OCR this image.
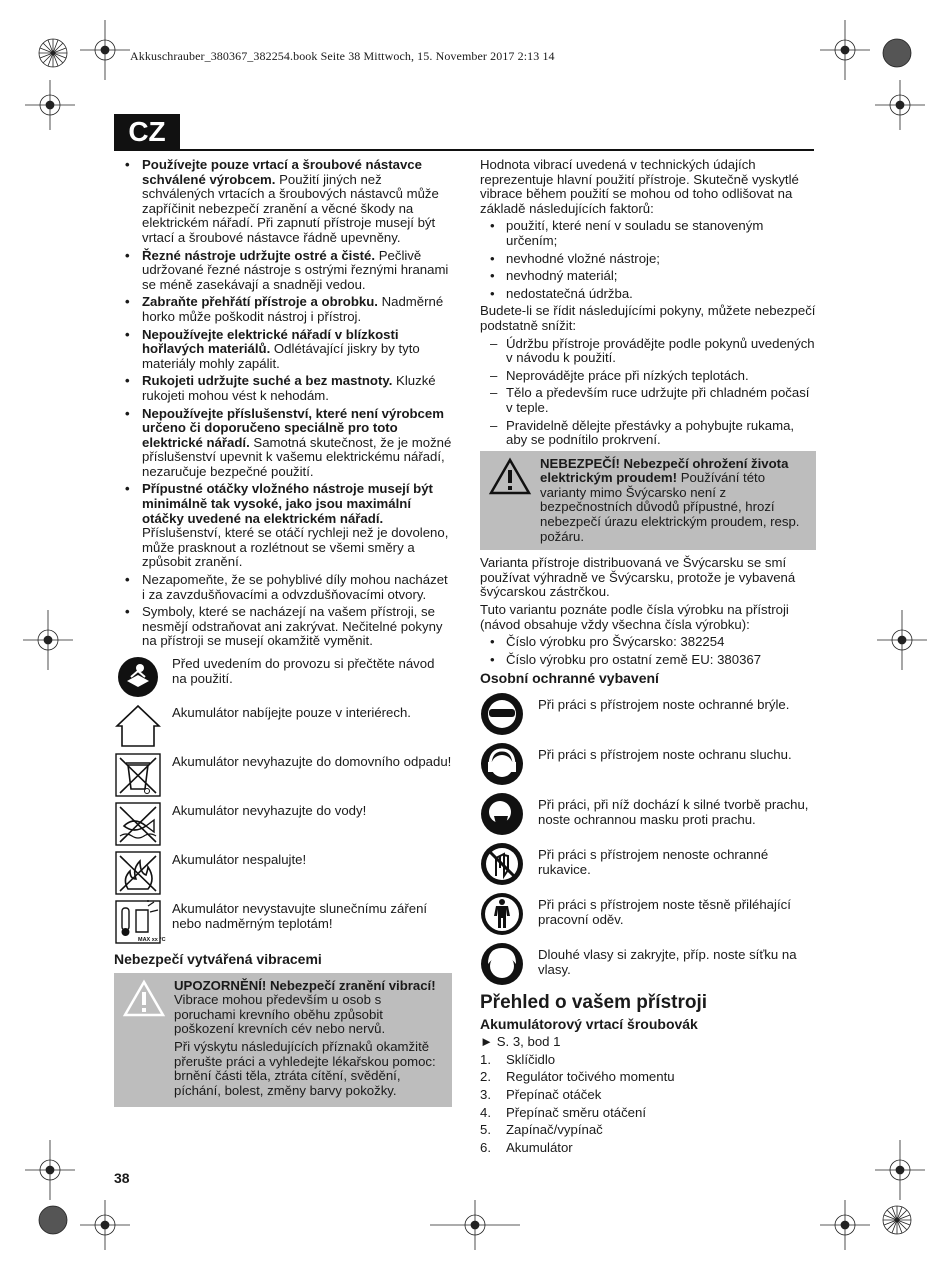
Akkuschrauber_380367_382254.book Seite 38 Mittwoch, 15. November 2017 2:13 14
CZ
• Používejte pouze vrtací a šroubové nástavce schválené výrobcem. Použití jiných než schválených vrtacích a šroubových nástavců může zapříčinit nebezpečí zranění a věcné škody na elektrickém nářadí. Při zapnutí přístroje musejí být vrtací a šroubové nástavce řádně upevněny.
• Řezné nástroje udržujte ostré a čisté. Pečlivě udržované řezné nástroje s ostrými řeznými hranami se méně zasekávají a snadněji vedou.
• Zabraňte přehřátí přístroje a obrobku. Nadměrné horko může poškodit nástroj i přístroj.
• Nepoužívejte elektrické nářadí v blízkosti hořlavých materiálů. Odlétávající jiskry by tyto materiály mohly zapálit.
• Rukojeti udržujte suché a bez mastnoty. Kluzké rukojeti mohou vést k nehodám.
• Nepoužívejte příslušenství, které není výrobcem určeno či doporučeno speciálně pro toto elektrické nářadí. Samotná skutečnost, že je možné příslušenství upevnit k vašemu elektrickému nářadí, nezaručuje bezpečné použití.
• Přípustné otáčky vložného nástroje musejí být minimálně tak vysoké, jako jsou maximální otáčky uvedené na elektrickém nářadí. Příslušenství, které se otáčí rychleji než je dovoleno, může prasknout a rozlétnout se všemi směry a způsobit zranění.
• Nezapomeňte, že se pohyblivé díly mohou nacházet i za zavzdušňovacími a odvzdušňovacími otvory.
• Symboly, které se nacházejí na vašem přístroji, se nesmějí odstraňovat ani zakrývat. Nečitelné pokyny na přístroji se musejí okamžitě vyměnit.
Před uvedením do provozu si přečtěte návod na použití.
Akumulátor nabíjejte pouze v interiérech.
Akumulátor nevyhazujte do domovního odpadu!
Akumulátor nevyhazujte do vody!
Akumulátor nespalujte!
MAX xx °C
Akumulátor nevystavujte slunečnímu záření nebo nadměrným teplotám!
Nebezpečí vytvářená vibracemi

UPOZORNĚNÍ! Nebezpečí zranění vibrací! Vibrace mohou především u osob s poruchami krevního oběhu způsobit poškození krevních cév nebo nervů.

Při výskytu následujících příznaků okamžitě přerušte práci a vyhledejte lékařskou pomoc: brnění části těla, ztráta cítění, svědění, píchání, bolest, změny barvy pokožky.

Hodnota vibrací uvedená v technických údajích reprezentuje hlavní použití přístroje. Skutečně vyskytlé vibrace během použití se mohou od toho odlišovat na základě následujících faktorů:

• použití, které není v souladu se stanoveným určením;
• nevhodné vložné nástroje;
• nevhodný materiál;
• nedostatečná údržba.

Budete-li se řídit následujícími pokyny, můžete nebezpečí podstatně snížit:

– Údržbu přístroje provádějte podle pokynů uvedených v návodu k použití.
– Neprovádějte práce při nízkých teplotách.
– Tělo a především ruce udržujte při chladném počasí v teple.
– Pravidelně dělejte přestávky a pohybujte rukama, aby se podnítilo prokrvení.
NEBEZPEČÍ! Nebezpečí ohrožení života elektrickým proudem! Používání této varianty mimo Švýcarsko není z bezpečnostních důvodů přípustné, hrozí nebezpečí úrazu elektrickým proudem, resp. požáru.

Varianta přístroje distribuovaná ve Švýcarsku se smí používat výhradně ve Švýcarsku, protože je vybavená švýcarskou zástrčkou.

Tuto variantu poznáte podle čísla výrobku na přístroji (návod obsahuje vždy všechna čísla výrobku):

• Číslo výrobku pro Švýcarsko: 382254
• Číslo výrobku pro ostatní země EU: 380367
Osobní ochranné vybavení
Při práci s přístrojem noste ochranné brýle.
Při práci s přístrojem noste ochranu sluchu.
Při práci, při níž dochází k silné tvorbě prachu, noste ochrannou masku proti prachu.
Při práci s přístrojem nenoste ochranné rukavice.
Při práci s přístrojem noste těsně přiléhající pracovní oděv.
Dlouhé vlasy si zakryjte, příp. noste síťku na vlasy.
Přehled o vašem přístroji
Akumulátorový vrtací šroubovák

► S. 3, bod 1

1.	Sklíčidlo
2.	Regulátor točivého momentu
3.	Přepínač otáček
4.	Přepínač směru otáčení
5.	Zapínač/vypínač
6.	Akumulátor
38
